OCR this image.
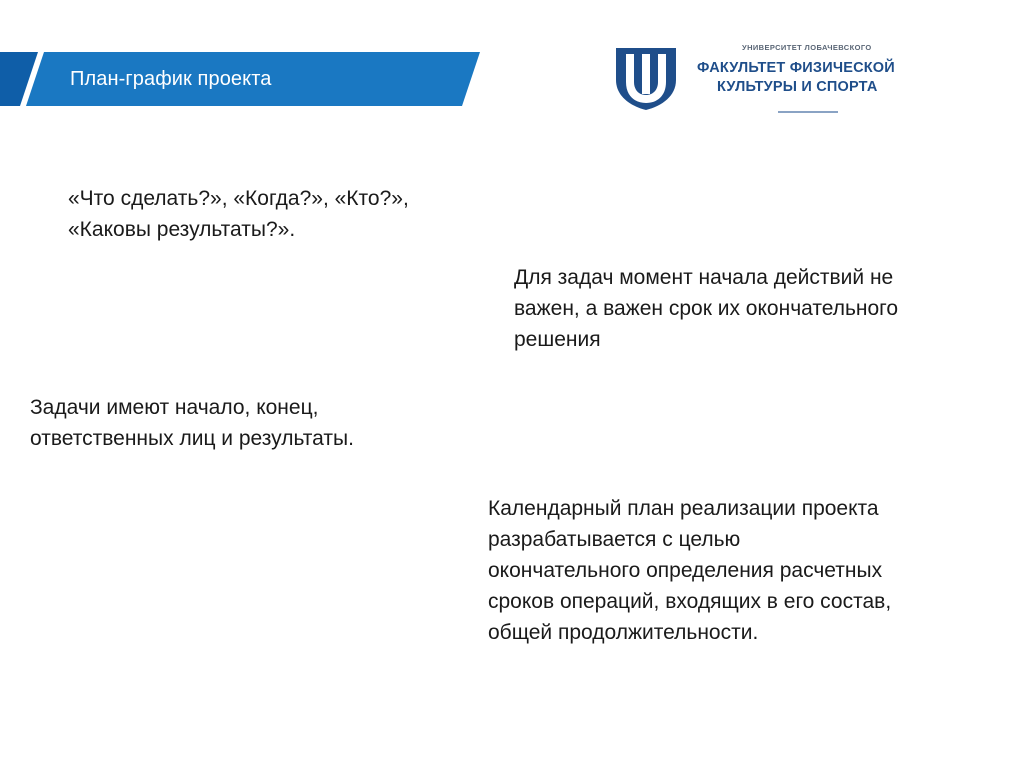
План-график проекта
УНИВЕРСИТЕТ ЛОБАЧЕВСКОГО
ФАКУЛЬТЕТ ФИЗИЧЕСКОЙ
КУЛЬТУРЫ И СПОРТА
«Что сделать?», «Когда?», «Кто?»,
«Каковы результаты?».
Для задач момент начала действий не
важен, а важен срок их окончательного
решения
Задачи имеют начало, конец,
ответственных лиц и результаты.
Календарный план реализации проекта
разрабатывается с целью
окончательного определения расчетных
сроков операций, входящих в его состав,
общей продолжительности.
